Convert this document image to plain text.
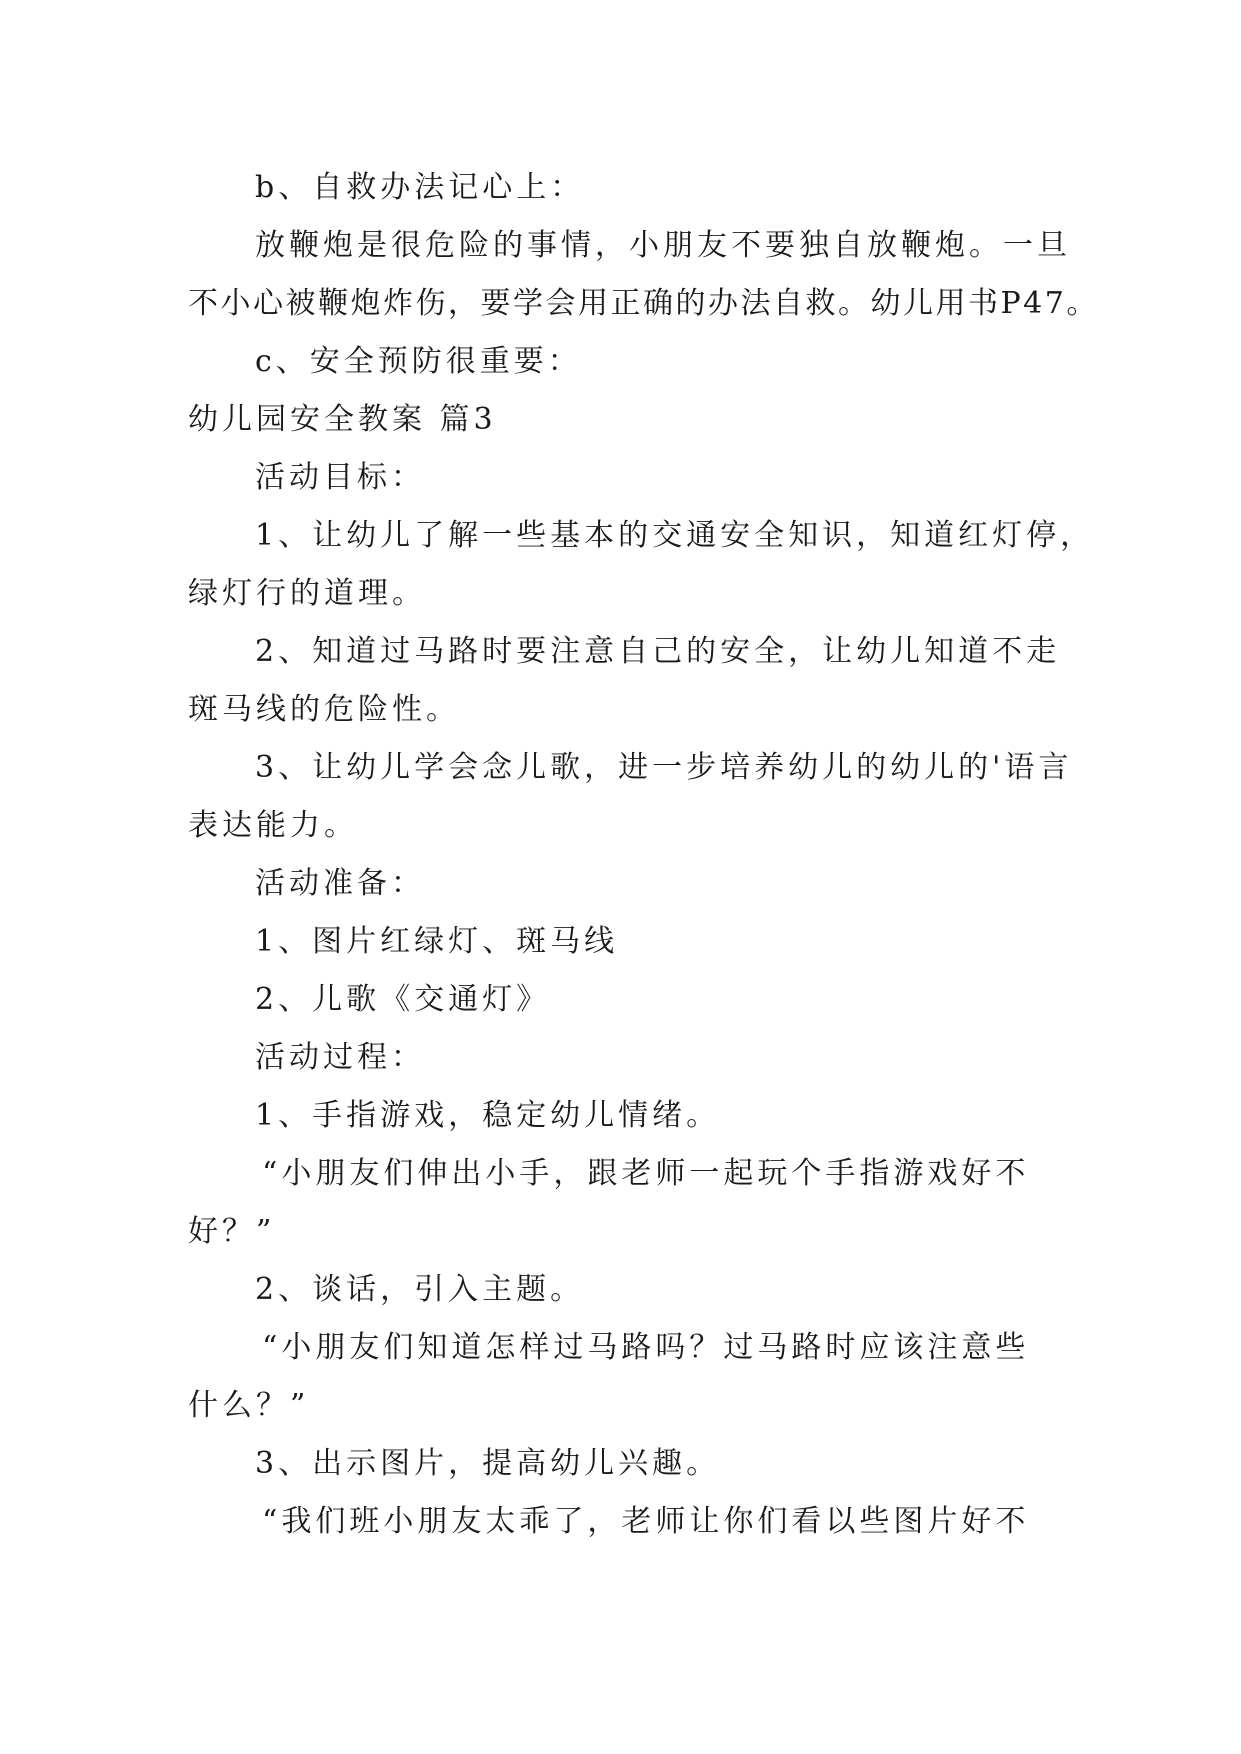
b、自救办法记心上：
放鞭炮是很危险的事情，小朋友不要独自放鞭炮。一旦
不小心被鞭炮炸伤，要学会用正确的办法自救。幼儿用书P47。
c、安全预防很重要：
幼儿园安全教案 篇3
活动目标：
1、让幼儿了解一些基本的交通安全知识，知道红灯停，
绿灯行的道理。
2、知道过马路时要注意自己的安全，让幼儿知道不走
斑马线的危险性。
3、让幼儿学会念儿歌，进一步培养幼儿的幼儿的'语言
表达能力。
活动准备：
1、图片红绿灯、斑马线
2、儿歌《交通灯》
活动过程：
1、手指游戏，稳定幼儿情绪。
“小朋友们伸出小手，跟老师一起玩个手指游戏好不
好？”
2、谈话，引入主题。
“小朋友们知道怎样过马路吗？过马路时应该注意些
什么？”
3、出示图片，提高幼儿兴趣。
“我们班小朋友太乖了，老师让你们看以些图片好不
